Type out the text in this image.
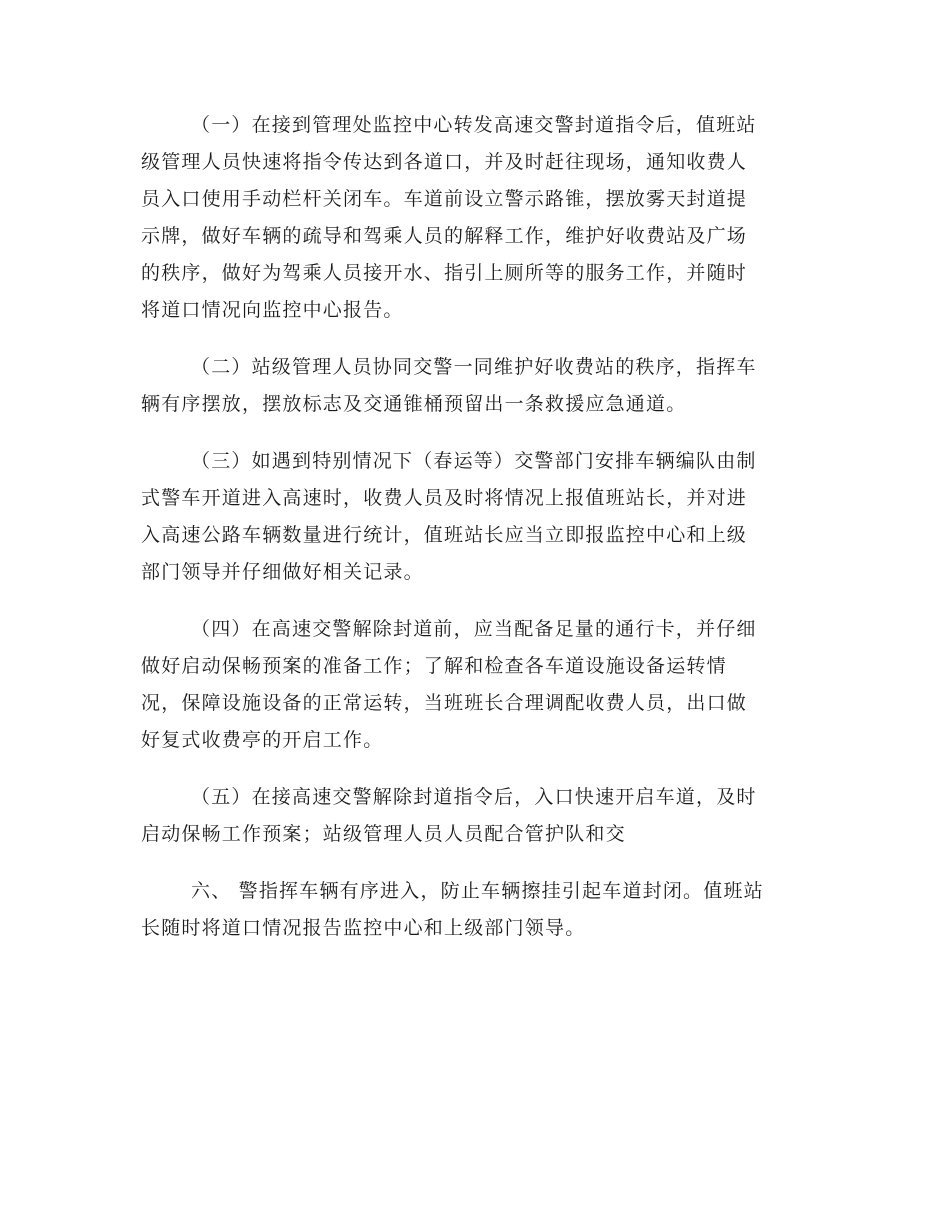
（一）在接到管理处监控中心转发高速交警封道指令后，值班站
级管理人员快速将指令传达到各道口，并及时赶往现场，通知收费人
员入口使用手动栏杆关闭车。车道前设立警示路锥，摆放雾天封道提
示牌，做好车辆的疏导和驾乘人员的解释工作，维护好收费站及广场
的秩序，做好为驾乘人员接开水、指引上厕所等的服务工作，并随时
将道口情况向监控中心报告。

（二）站级管理人员协同交警一同维护好收费站的秩序，指挥车
辆有序摆放，摆放标志及交通锥桶预留出一条救援应急通道。

（三）如遇到特别情况下（春运等）交警部门安排车辆编队由制
式警车开道进入高速时，收费人员及时将情况上报值班站长，并对进
入高速公路车辆数量进行统计，值班站长应当立即报监控中心和上级
部门领导并仔细做好相关记录。

（四）在高速交警解除封道前，应当配备足量的通行卡，并仔细
做好启动保畅预案的准备工作；了解和检查各车道设施设备运转情
况，保障设施设备的正常运转，当班班长合理调配收费人员，出口做
好复式收费亭的开启工作。

（五）在接高速交警解除封道指令后，入口快速开启车道，及时
启动保畅工作预案；站级管理人员人员配合管护队和交

六、 警指挥车辆有序进入，防止车辆擦挂引起车道封闭。值班站
长随时将道口情况报告监控中心和上级部门领导。
